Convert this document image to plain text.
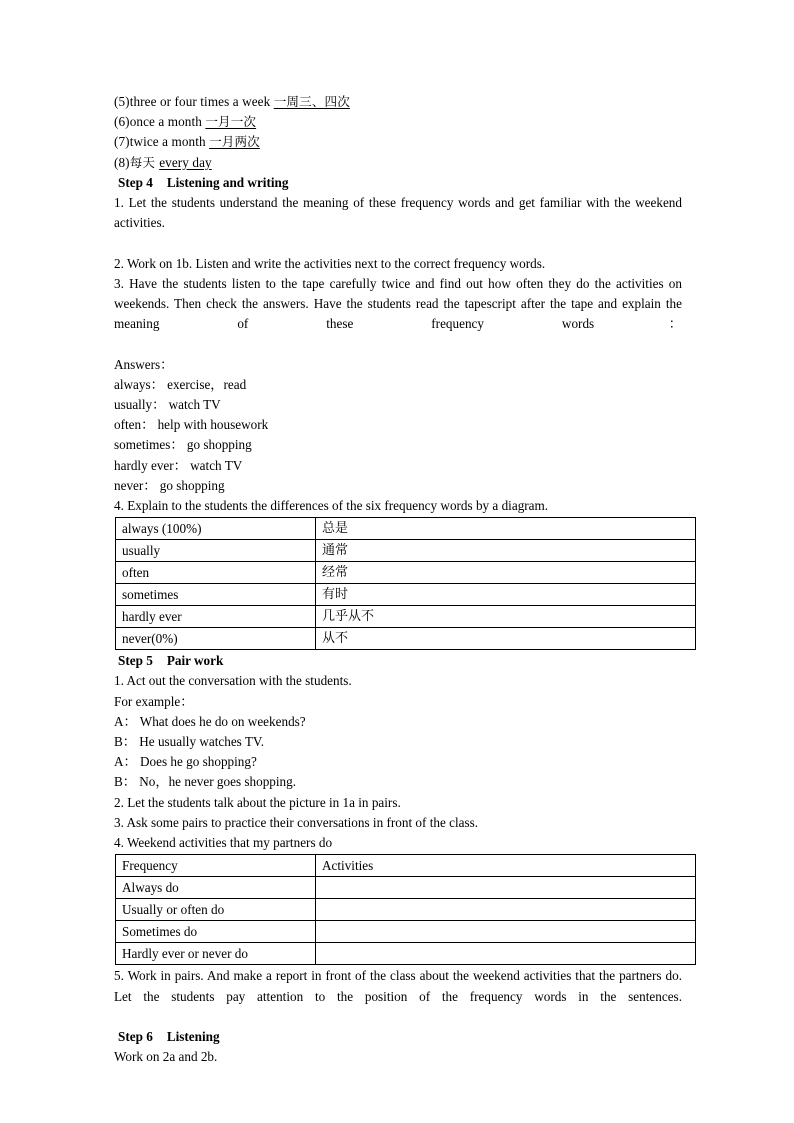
(5)three or four times a week 一周三、四次
(6)once a month 一月一次
(7)twice a month 一月两次
(8)每天 every day
Step 4 Listening and writing

1. Let the students understand the meaning of these frequency words and get familiar with the weekend activities.

2. Work on 1b. Listen and write the activities next to the correct frequency words.

3. Have the students listen to the tape carefully twice and find out how often they do the activities on weekends. Then check the answers. Have the students read the tapescript after the tape and explain the meaning of these frequency words：

Answers：
always： exercise，read
usually： watch TV
often： help with housework
sometimes： go shopping
hardly ever： watch TV
never： go shopping

4. Explain to the students the differences of the six frequency words by a diagram.

always (100%)	总是
usually	通常
often	经常
sometimes	有时
hardly ever	几乎从不
never(0%)	从不
Step 5 Pair work

1. Act out the conversation with the students.

For example：
A： What does he do on weekends?
B： He usually watches TV.
A： Does he go shopping?
B： No，he never goes shopping.

2. Let the students talk about the picture in 1a in pairs.

3. Ask some pairs to practice their conversations in front of the class.

4. Weekend activities that my partners do

Frequency	Activities
Always do	
Usually or often do	
Sometimes do	
Hardly ever or never do	

5. Work in pairs. And make a report in front of the class about the weekend activities that the partners do. Let the students pay attention to the position of the frequency words in the sentences.

Step 6 Listening

Work on 2a and 2b.
